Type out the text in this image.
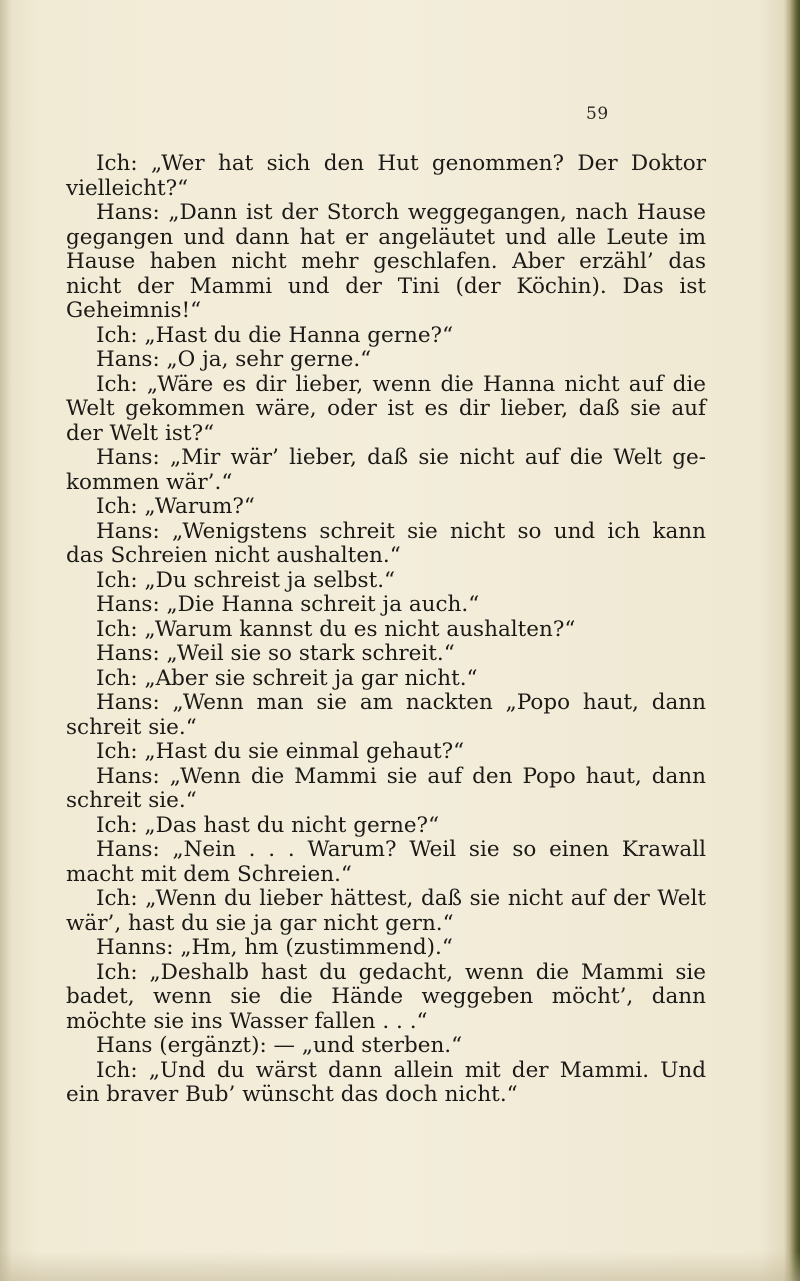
59

Ich: „Wer hat sich den Hut genommen? Der Doktor vielleicht?“

Hans: „Dann ist der Storch weggegangen, nach Hause gegangen und dann hat er angeläutet und alle Leute im Hause haben nicht mehr geschlafen. Aber erzähl’ das nicht der Mammi und der Tini (der Köchin). Das ist Geheimnis!“

Ich: „Hast du die Hanna gerne?“

Hans: „O ja, sehr gerne.“

Ich: „Wäre es dir lieber, wenn die Hanna nicht auf die Welt gekommen wäre, oder ist es dir lieber, daß sie auf der Welt ist?“

Hans: „Mir wär’ lieber, daß sie nicht auf die Welt gekommen wär’.“

Ich: „Warum?“

Hans: „Wenigstens schreit sie nicht so und ich kann das Schreien nicht aushalten.“

Ich: „Du schreist ja selbst.“

Hans: „Die Hanna schreit ja auch.“

Ich: „Warum kannst du es nicht aushalten?“

Hans: „Weil sie so stark schreit.“

Ich: „Aber sie schreit ja gar nicht.“

Hans: „Wenn man sie am nackten „Popo haut, dann schreit sie.“

Ich: „Hast du sie einmal gehaut?“

Hans: „Wenn die Mammi sie auf den Popo haut, dann schreit sie.“

Ich: „Das hast du nicht gerne?“

Hans: „Nein . . . Warum? Weil sie so einen Krawall macht mit dem Schreien.“

Ich: „Wenn du lieber hättest, daß sie nicht auf der Welt wär’, hast du sie ja gar nicht gern.“

Hanns: „Hm, hm (zustimmend).“

Ich: „Deshalb hast du gedacht, wenn die Mammi sie badet, wenn sie die Hände weggeben möcht’, dann möchte sie ins Wasser fallen . . .“

Hans (ergänzt): — „und sterben.“

Ich: „Und du wärst dann allein mit der Mammi. Und ein braver Bub’ wünscht das doch nicht.“
